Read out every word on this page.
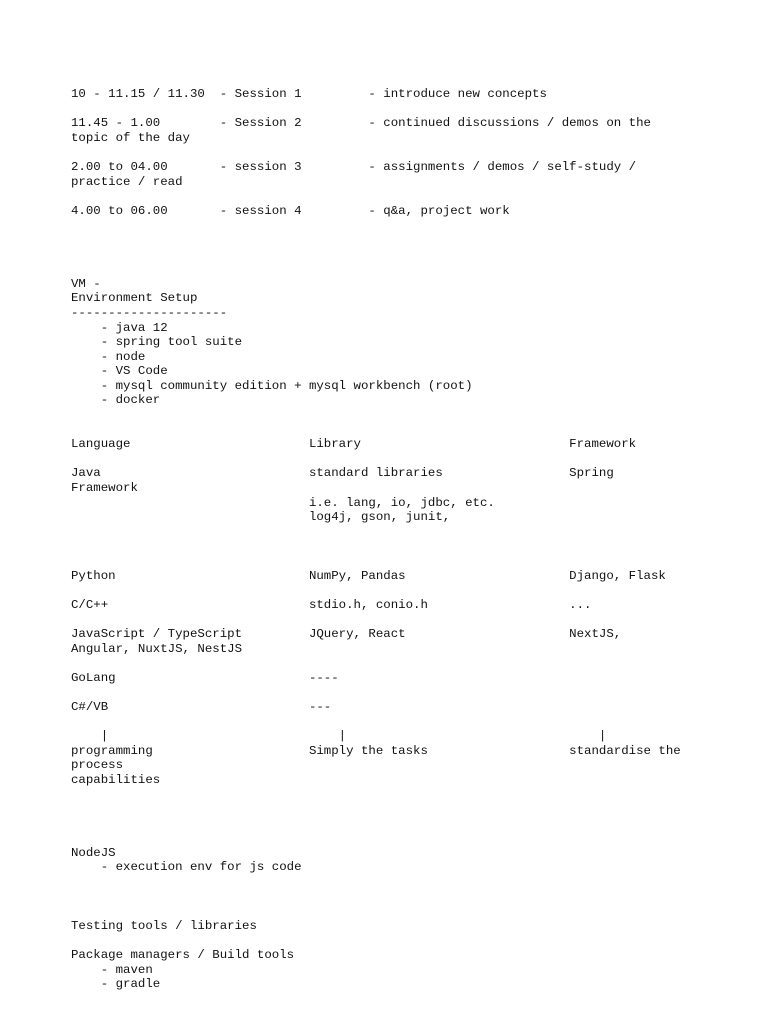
10 - 11.15 / 11.30  - Session 1         - introduce new concepts

11.45 - 1.00        - Session 2         - continued discussions / demos on the
topic of the day

2.00 to 04.00       - session 3         - assignments / demos / self-study /
practice / read

4.00 to 06.00       - session 4         - q&a, project work

VM -
Environment Setup
---------------------
- java 12
- spring tool suite
- node
- VS Code
- mysql community edition + mysql workbench (root)
- docker

Language                        Library                            Framework

Java                            standard libraries                 Spring
Framework
i.e. lang, io, jdbc, etc.
log4j, gson, junit,

Python                          NumPy, Pandas                      Django, Flask

C/C++                           stdio.h, conio.h                   ...

JavaScript / TypeScript         JQuery, React                      NextJS,
Angular, NuxtJS, NestJS

GoLang                          ----

C#/VB                           ---

|                               |                                  |
programming                     Simply the tasks                   standardise the
process
capabilities

NodeJS
- execution env for js code

Testing tools / libraries

Package managers / Build tools
- maven
- gradle
